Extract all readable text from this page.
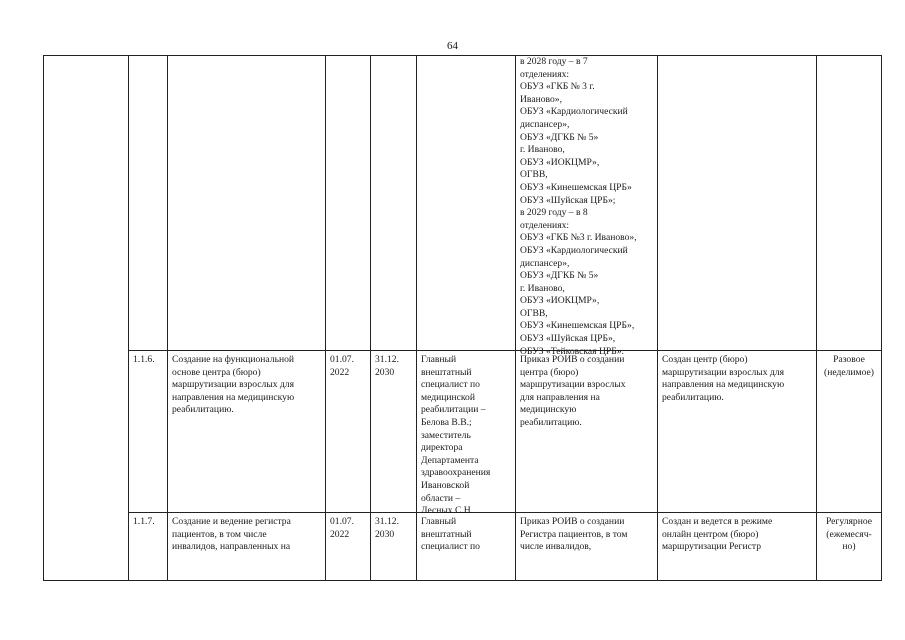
64
в 2028 году – в 7
отделениях:
ОБУЗ «ГКБ № 3 г.
Иваново»,
ОБУЗ «Кардиологический
диспансер»,
ОБУЗ «ДГКБ № 5»
г. Иваново,
ОБУЗ «ИОКЦМР»,
ОГВВ,
ОБУЗ «Кинешемская ЦРБ»
ОБУЗ «Шуйская ЦРБ»;
в 2029 году – в 8
отделениях:
ОБУЗ «ГКБ №3 г. Иваново»,
ОБУЗ «Кардиологический
диспансер»,
ОБУЗ «ДГКБ № 5»
г. Иваново,
ОБУЗ «ИОКЦМР»,
ОГВВ,
ОБУЗ «Кинешемская ЦРБ»,
ОБУЗ «Шуйская ЦРБ»,
ОБУЗ «Тейковская ЦРБ».
1.1.6.	Создание на функциональной
основе центра (бюро)
маршрутизации взрослых для
направления на медицинскую
реабилитацию.
01.07.
2022
31.12.
2030
Главный
внештатный
специалист по
медицинской
реабилитации –
Белова В.В.;
заместитель
директора
Департамента
здравоохранения
Ивановской
области –
Лесных С.Н.
Приказ РОИВ о создании
центра (бюро)
маршрутизации взрослых
для направления на
медицинскую
реабилитацию.
Создан центр (бюро)
маршрутизации взрослых для
направления на медицинскую
реабилитацию.
Разовое
(неделимое)
1.1.7.	Создание и ведение регистра
пациентов, в том числе
инвалидов, направленных на
01.07.
2022
31.12.
2030
Главный
внештатный
специалист по
Приказ РОИВ о создании
Регистра пациентов, в том
числе инвалидов,
Создан и ведется в режиме
онлайн центром (бюро)
маршрутизации Регистр
Регулярное
(ежемесяч-
но)
